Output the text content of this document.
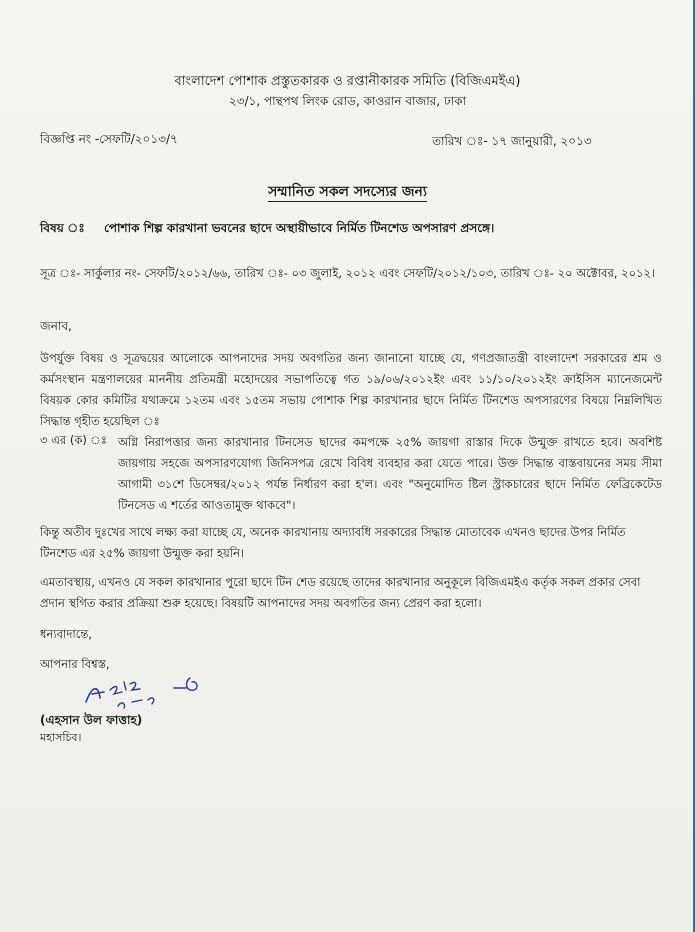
বাংলাদেশ পোশাক প্রস্তুতকারক ও রপ্তানীকারক সমিতি (বিজিএমইএ)
২৩/১, পান্থপথ লিংক রোড, কাওরান বাজার, ঢাকা
বিজ্ঞপ্তি নং -সেফটি/২০১৩/৭	তারিখ ঃ- ১৭ জানুয়ারী, ২০১৩
সম্মানিত সকল সদস্যের জন্য
বিষয় ঃ পোশাক শিল্প কারখানা ভবনের ছাদে অস্থায়ীভাবে নির্মিত টিনশেড অপসারণ প্রসঙ্গে।
সূত্র ঃ- সার্কুলার নং- সেফটি/২০১২/৬৬, তারিখ ঃ- ০৩ জুলাই, ২০১২ এবং সেফটি/২০১২/১০৩, তারিখ ঃ- ২০ অক্টোবর, ২০১২।
জনাব,
উপর্যুক্ত বিষয় ও সূত্রদ্বয়ের আলোকে আপনাদের সদয় অবগতির জন্য জানানো যাচ্ছে যে, গণপ্রজাতন্ত্রী বাংলাদেশ সরকারের শ্রম ও কর্মসংস্থান মন্ত্রণালয়ের মাননীয় প্রতিমন্ত্রী মহোদয়ের সভাপতিত্বে গত ১৯/০৬/২০১২ইং এবং ১১/১০/২০১২ইং ক্রাইসিস ম্যানেজমেন্ট বিষয়ক কোর কমিটির যথাক্রমে ১২তম এবং ১৫তম সভায় পোশাক শিল্প কারখানার ছাদে নির্মিত টিনশেড অপসারণের বিষয়ে নিম্নলিখিত সিদ্ধান্ত গৃহীত হয়েছিল ঃ
৩ এর (ক) ঃ অগ্নি নিরাপত্তার জন্য কারখানার টিনসেড ছাদের কমপক্ষে ২৫% জায়গা রাস্তার দিকে উন্মুক্ত রাখতে হবে। অবশিষ্ট জায়গায় সহজে অপসারণযোগ্য জিনিসপত্র রেখে বিবিধ ব্যবহার করা যেতে পারে। উক্ত সিদ্ধান্ত বাস্তবায়নের সময় সীমা আগামী ৩১শে ডিসেম্বর/২০১২ পর্যন্ত নির্ধারণ করা হ'ল। এবং "অনুমোদিত ষ্টিল স্ট্রাকচারের ছাদে নির্মিত ফেব্রিকেটেড টিনসেড এ শর্তের আওতামুক্ত থাকবে"।
কিন্তু অতীব দুঃখের সাথে লক্ষ্য করা যাচ্ছে যে, অনেক কারখানায় অদ্যাবধি সরকারের সিদ্ধান্ত মোতাবেক এখনও ছাদের উপর নির্মিত টিনশেড এর ২৫% জায়গা উন্মুক্ত করা হয়নি।
এমতাবস্থায়, এখনও যে সকল কারখানার পুরো ছাদে টিন শেড রয়েছে তাদের কারখানার অনুকূলে বিজিএমইএ কর্তৃক সকল প্রকার সেবা প্রদান স্থগিত করার প্রক্রিয়া শুরু হয়েছে। বিষয়টি আপনাদের সদয় অবগতির জন্য প্রেরণ করা হলো।
ধন্যবাদান্তে,
আপনার বিশ্বস্ত,
(এহসান উল ফাত্তাহ)
মহাসচিব।
